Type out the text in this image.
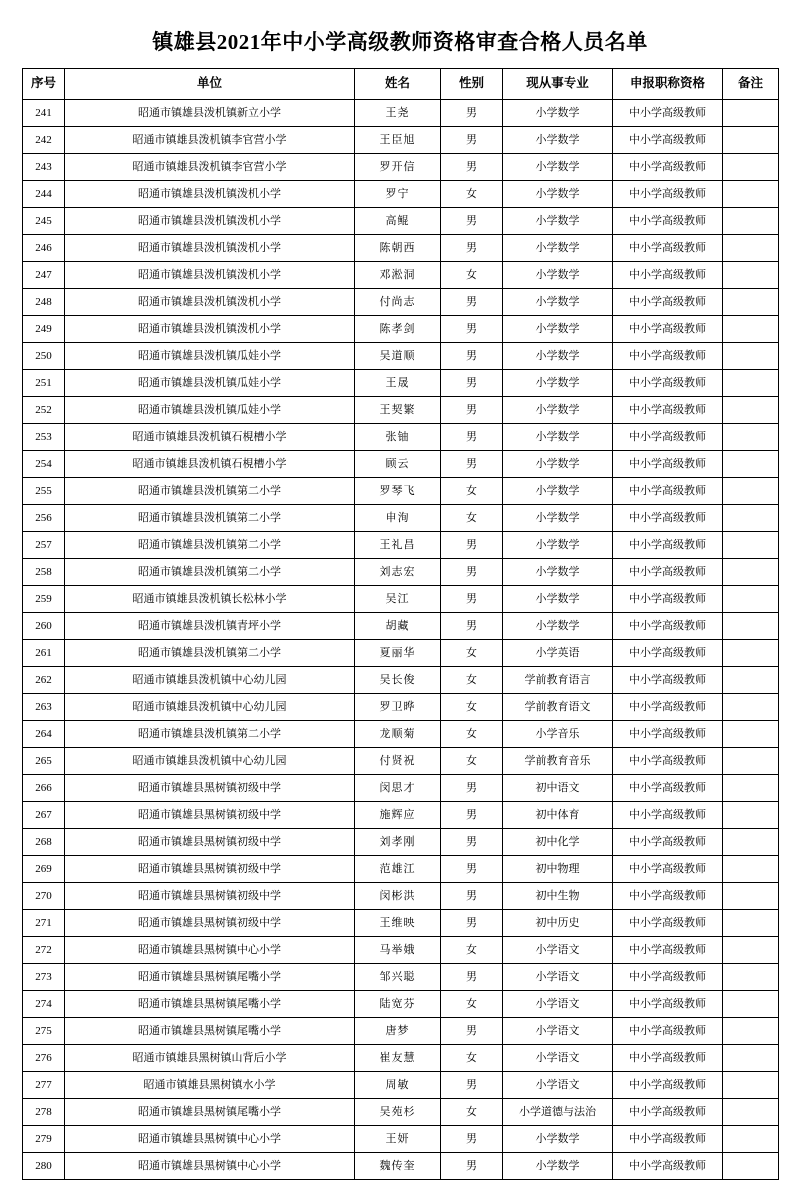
镇雄县2021年中小学高级教师资格审查合格人员名单
序号	单位	姓名	性别	现从事专业	申报职称资格	备注
241	昭通市镇雄县泼机镇新立小学	王尧	男	小学数学	中小学高级教师	
242	昭通市镇雄县泼机镇李官营小学	王臣旭	男	小学数学	中小学高级教师	
243	昭通市镇雄县泼机镇李官营小学	罗开信	男	小学数学	中小学高级教师	
244	昭通市镇雄县泼机镇泼机小学	罗宁	女	小学数学	中小学高级教师	
245	昭通市镇雄县泼机镇泼机小学	高鲲	男	小学数学	中小学高级教师	
246	昭通市镇雄县泼机镇泼机小学	陈朝西	男	小学数学	中小学高级教师	
247	昭通市镇雄县泼机镇泼机小学	邓淞洞	女	小学数学	中小学高级教师	
248	昭通市镇雄县泼机镇泼机小学	付尚志	男	小学数学	中小学高级教师	
249	昭通市镇雄县泼机镇泼机小学	陈孝剑	男	小学数学	中小学高级教师	
250	昭通市镇雄县泼机镇瓜娃小学	吴道顺	男	小学数学	中小学高级教师	
251	昭通市镇雄县泼机镇瓜娃小学	王晟	男	小学数学	中小学高级教师	
252	昭通市镇雄县泼机镇瓜娃小学	王契繁	男	小学数学	中小学高级教师	
253	昭通市镇雄县泼机镇石梘槽小学	张铀	男	小学数学	中小学高级教师	
254	昭通市镇雄县泼机镇石梘槽小学	顾云	男	小学数学	中小学高级教师	
255	昭通市镇雄县泼机镇第二小学	罗琴飞	女	小学数学	中小学高级教师	
256	昭通市镇雄县泼机镇第二小学	申洵	女	小学数学	中小学高级教师	
257	昭通市镇雄县泼机镇第二小学	王礼昌	男	小学数学	中小学高级教师	
258	昭通市镇雄县泼机镇第二小学	刘志宏	男	小学数学	中小学高级教师	
259	昭通市镇雄县泼机镇长松林小学	吴江	男	小学数学	中小学高级教师	
260	昭通市镇雄县泼机镇青坪小学	胡藏	男	小学数学	中小学高级教师	
261	昭通市镇雄县泼机镇第二小学	夏丽华	女	小学英语	中小学高级教师	
262	昭通市镇雄县泼机镇中心幼儿园	吴长俊	女	学前教育语言	中小学高级教师	
263	昭通市镇雄县泼机镇中心幼儿园	罗卫晔	女	学前教育语文	中小学高级教师	
264	昭通市镇雄县泼机镇第二小学	龙顺菊	女	小学音乐	中小学高级教师	
265	昭通市镇雄县泼机镇中心幼儿园	付贤祝	女	学前教育音乐	中小学高级教师	
266	昭通市镇雄县黑树镇初级中学	闵思才	男	初中语文	中小学高级教师	
267	昭通市镇雄县黑树镇初级中学	施辉应	男	初中体育	中小学高级教师	
268	昭通市镇雄县黑树镇初级中学	刘孝刚	男	初中化学	中小学高级教师	
269	昭通市镇雄县黑树镇初级中学	范雄江	男	初中物理	中小学高级教师	
270	昭通市镇雄县黑树镇初级中学	闵彬洪	男	初中生物	中小学高级教师	
271	昭通市镇雄县黑树镇初级中学	王维映	男	初中历史	中小学高级教师	
272	昭通市镇雄县黑树镇中心小学	马举娥	女	小学语文	中小学高级教师	
273	昭通市镇雄县黑树镇尾嘴小学	邹兴聪	男	小学语文	中小学高级教师	
274	昭通市镇雄县黑树镇尾嘴小学	陆宽芬	女	小学语文	中小学高级教师	
275	昭通市镇雄县黑树镇尾嘴小学	唐梦	男	小学语文	中小学高级教师	
276	昭通市镇雄县黑树镇山背后小学	崔友慧	女	小学语文	中小学高级教师	
277	昭通市镇雄县黑树镇水小学	周敏	男	小学语文	中小学高级教师	
278	昭通市镇雄县黑树镇尾嘴小学	吴苑杉	女	小学道德与法治	中小学高级教师	
279	昭通市镇雄县黑树镇中心小学	王妍	男	小学数学	中小学高级教师	
280	昭通市镇雄县黑树镇中心小学	魏传奎	男	小学数学	中小学高级教师	
